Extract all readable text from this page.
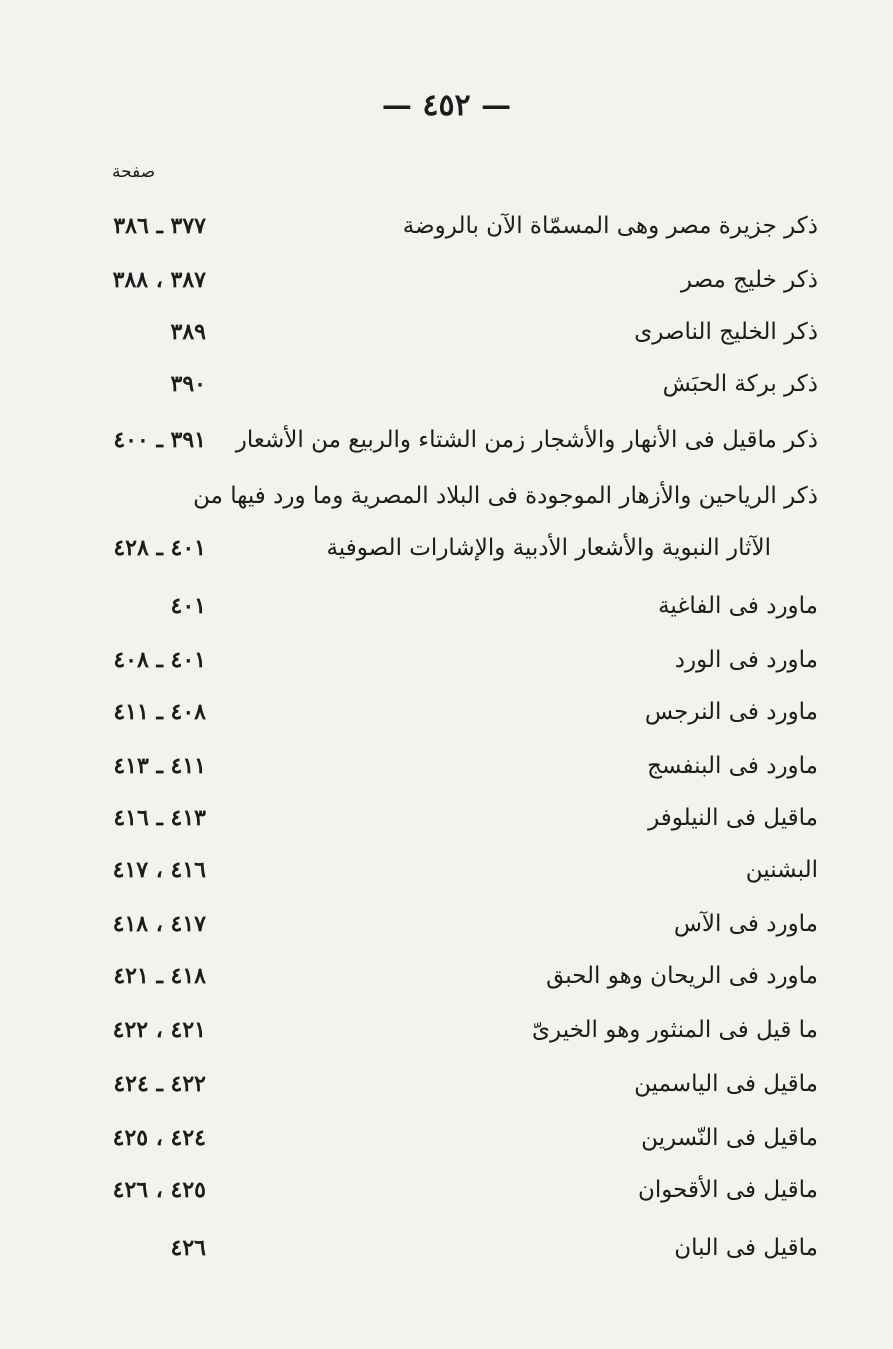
— ٤٥٢ —
صفحة
ذكر جزيرة مصر وهى المسمّاة الآن بالروضة
٣٧٧ ـ ٣٨٦
ذكر خليج مصر
٣٨٧ ، ٣٨٨
ذكر الخليج الناصرى
٣٨٩
ذكر بركة الحبَش
٣٩٠
ذكر ماقيل فى الأنهار والأشجار زمن الشتاء والربيع من الأشعار
٣٩١ ـ ٤٠٠
ذكر الرياحين والأزهار الموجودة فى البلاد المصرية وما ورد فيها من
الآثار النبوية والأشعار الأدبية والإشارات الصوفية
٤٠١ ـ ٤٢٨
ماورد فى الفاغية
٤٠١
ماورد فى الورد
٤٠١ ـ ٤٠٨
ماورد فى النرجس
٤٠٨ ـ ٤١١
ماورد فى البنفسج
٤١١ ـ ٤١٣
ماقيل فى النيلوفر
٤١٣ ـ ٤١٦
البشنين
٤١٦ ، ٤١٧
ماورد فى الآس
٤١٧ ، ٤١٨
ماورد فى الريحان وهو الحبق
٤١٨ ـ ٤٢١
ما قيل فى المنثور وهو الخيرىّ
٤٢١ ، ٤٢٢
ماقيل فى الياسمين
٤٢٢ ـ ٤٢٤
ماقيل فى النّسرين
٤٢٤ ، ٤٢٥
ماقيل فى الأقحوان
٤٢٥ ، ٤٢٦
ماقيل فى البان
٤٢٦
